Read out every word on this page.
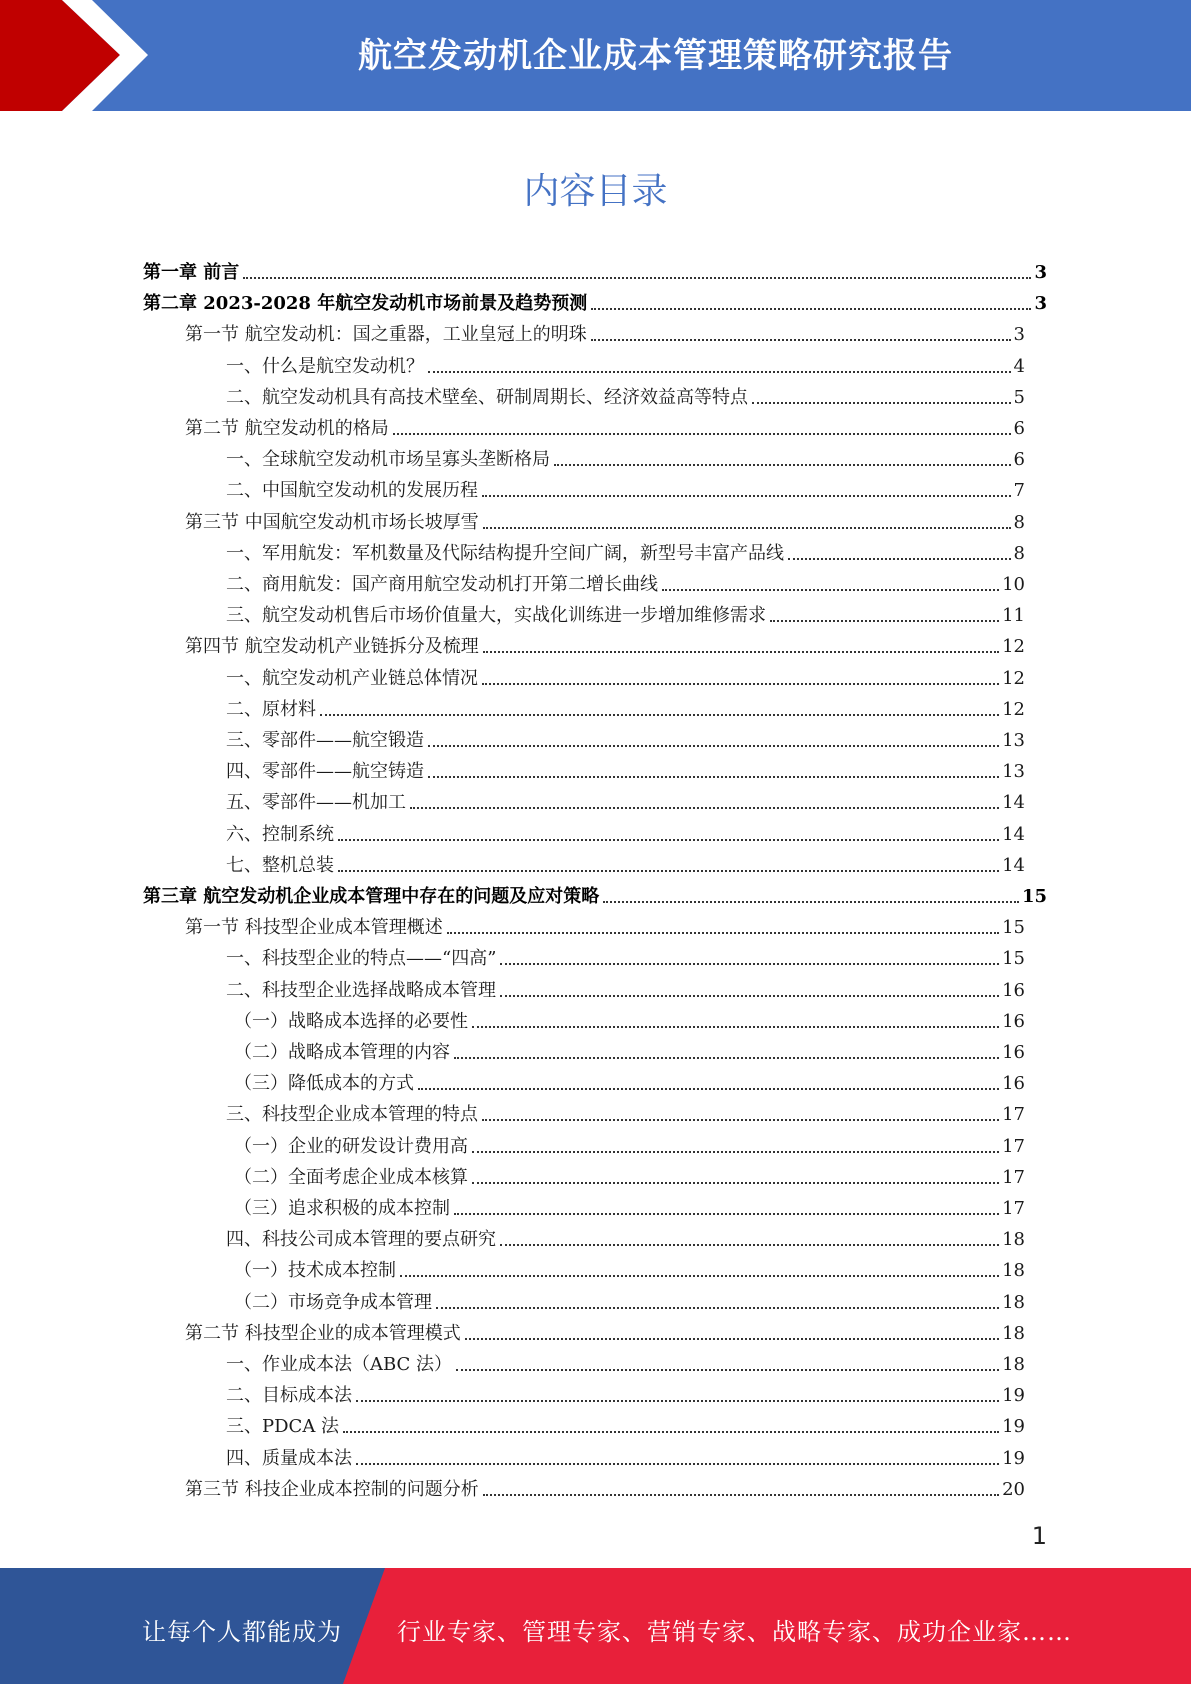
航空发动机企业成本管理策略研究报告
内容目录
第一章 前言	3
第二章 2023-2028 年航空发动机市场前景及趋势预测	3
第一节 航空发动机：国之重器，工业皇冠上的明珠	3
一、什么是航空发动机？	4
二、航空发动机具有高技术壁垒、研制周期长、经济效益高等特点	5
第二节 航空发动机的格局	6
一、全球航空发动机市场呈寡头垄断格局	6
二、中国航空发动机的发展历程	7
第三节 中国航空发动机市场长坡厚雪	8
一、军用航发：军机数量及代际结构提升空间广阔，新型号丰富产品线	8
二、商用航发：国产商用航空发动机打开第二增长曲线	10
三、航空发动机售后市场价值量大，实战化训练进一步增加维修需求	11
第四节 航空发动机产业链拆分及梳理	12
一、航空发动机产业链总体情况	12
二、原材料	12
三、零部件——航空锻造	13
四、零部件——航空铸造	13
五、零部件——机加工	14
六、控制系统	14
七、整机总装	14
第三章 航空发动机企业成本管理中存在的问题及应对策略	15
第一节 科技型企业成本管理概述	15
一、科技型企业的特点——“四高”	15
二、科技型企业选择战略成本管理	16
（一）战略成本选择的必要性	16
（二）战略成本管理的内容	16
（三）降低成本的方式	16
三、科技型企业成本管理的特点	17
（一）企业的研发设计费用高	17
（二）全面考虑企业成本核算	17
（三）追求积极的成本控制	17
四、科技公司成本管理的要点研究	18
（一）技术成本控制	18
（二）市场竞争成本管理	18
第二节 科技型企业的成本管理模式	18
一、作业成本法（ABC 法）	18
二、目标成本法	19
三、PDCA 法	19
四、质量成本法	19
第三节 科技企业成本控制的问题分析	20
1
让每个人都能成为 行业专家、管理专家、营销专家、战略专家、成功企业家……
